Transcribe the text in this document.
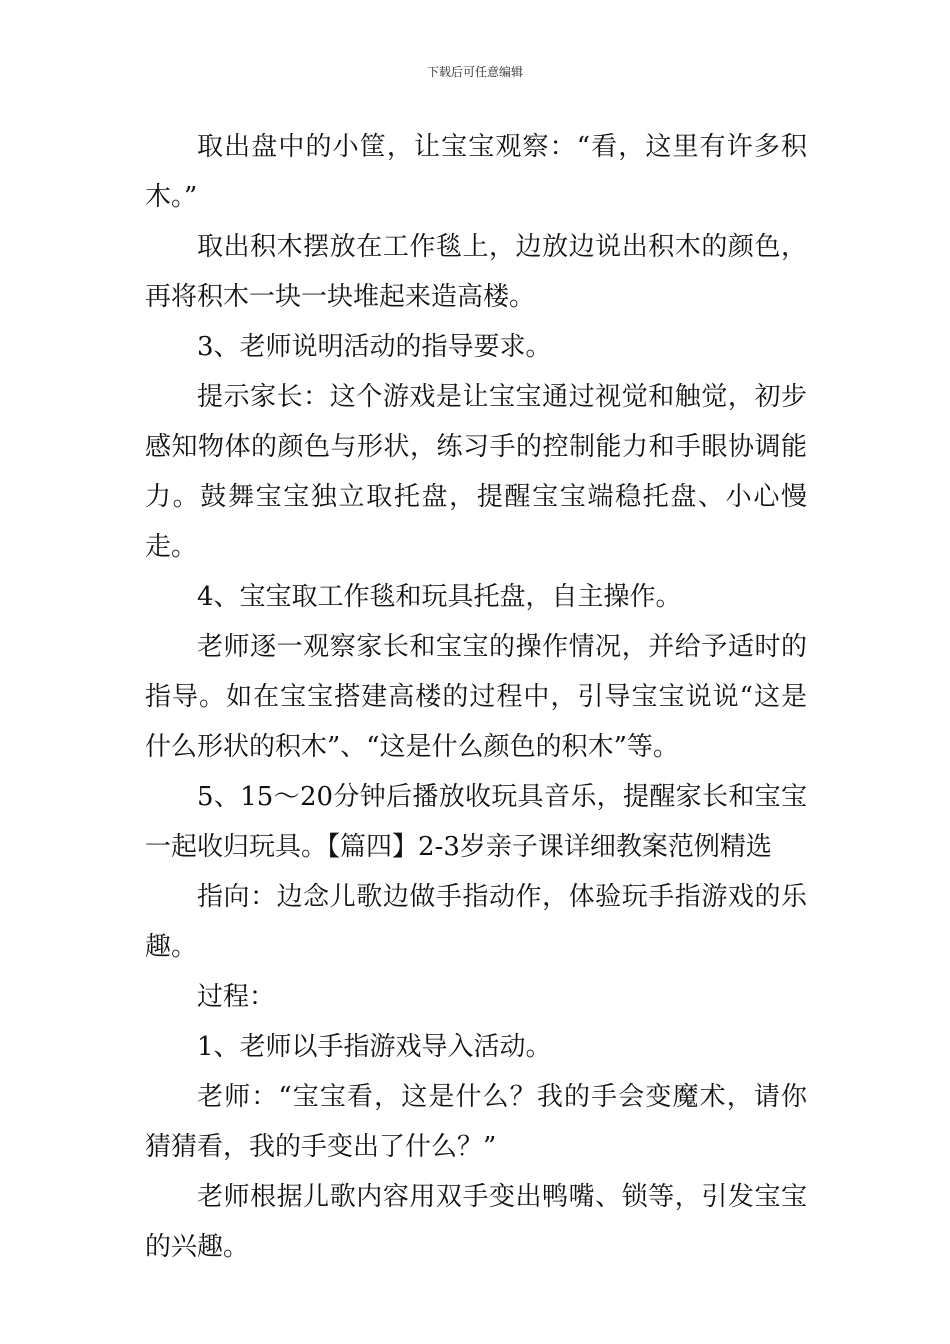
下载后可任意编辑

取出盘中的小筐，让宝宝观察：“看，这里有许多积木。”

取出积木摆放在工作毯上，边放边说出积木的颜色，再将积木一块一块堆起来造高楼。

3、老师说明活动的指导要求。

提示家长：这个游戏是让宝宝通过视觉和触觉，初步感知物体的颜色与形状，练习手的控制能力和手眼协调能力。鼓舞宝宝独立取托盘，提醒宝宝端稳托盘、小心慢走。

4、宝宝取工作毯和玩具托盘，自主操作。

老师逐一观察家长和宝宝的操作情况，并给予适时的指导。如在宝宝搭建高楼的过程中，引导宝宝说说“这是什么形状的积木”、“这是什么颜色的积木”等。

5、15～20分钟后播放收玩具音乐，提醒家长和宝宝一起收归玩具。【篇四】2-3岁亲子课详细教案范例精选

指向：边念儿歌边做手指动作，体验玩手指游戏的乐趣。

过程：

1、老师以手指游戏导入活动。

老师：“宝宝看，这是什么？我的手会变魔术，请你猜猜看，我的手变出了什么？”

老师根据儿歌内容用双手变出鸭嘴、锁等，引发宝宝的兴趣。
